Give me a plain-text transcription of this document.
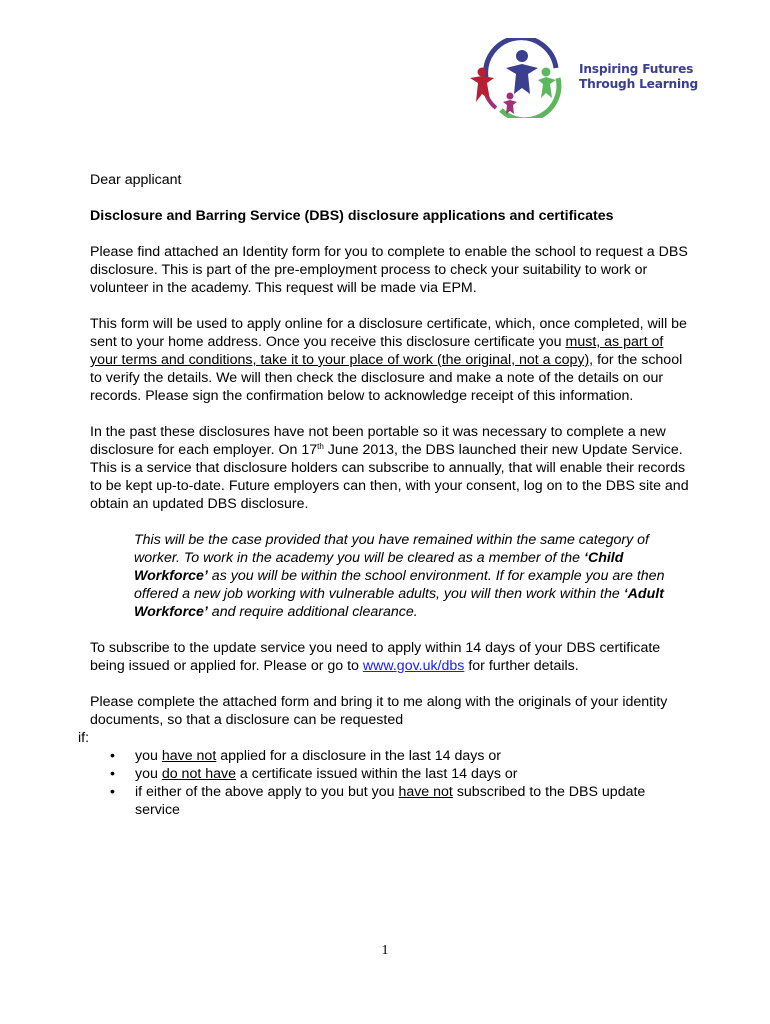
Inspiring Futures
Through Learning

Dear applicant

Disclosure and Barring Service (DBS) disclosure applications and certificates

Please find attached an Identity form for you to complete to enable the school to request a DBS disclosure. This is part of the pre-employment process to check your suitability to work or volunteer in the academy. This request will be made via EPM.

This form will be used to apply online for a disclosure certificate, which, once completed, will be sent to your home address. Once you receive this disclosure certificate you must, as part of your terms and conditions, take it to your place of work (the original, not a copy), for the school to verify the details. We will then check the disclosure and make a note of the details on our records. Please sign the confirmation below to acknowledge receipt of this information.

In the past these disclosures have not been portable so it was necessary to complete a new disclosure for each employer. On 17th June 2013, the DBS launched their new Update Service. This is a service that disclosure holders can subscribe to annually, that will enable their records to be kept up-to-date. Future employers can then, with your consent, log on to the DBS site and obtain an updated DBS disclosure.

This will be the case provided that you have remained within the same category of worker. To work in the academy you will be cleared as a member of the ‘Child Workforce’ as you will be within the school environment. If for example you are then offered a new job working with vulnerable adults, you will then work within the ‘Adult Workforce’ and require additional clearance.

To subscribe to the update service you need to apply within 14 days of your DBS certificate being issued or applied for. Please or go to www.gov.uk/dbs for further details.

Please complete the attached form and bring it to me along with the originals of your identity documents, so that a disclosure can be requested

if:

• you have not applied for a disclosure in the last 14 days or
• you do not have a certificate issued within the last 14 days or
• if either of the above apply to you but you have not subscribed to the DBS update service
1
